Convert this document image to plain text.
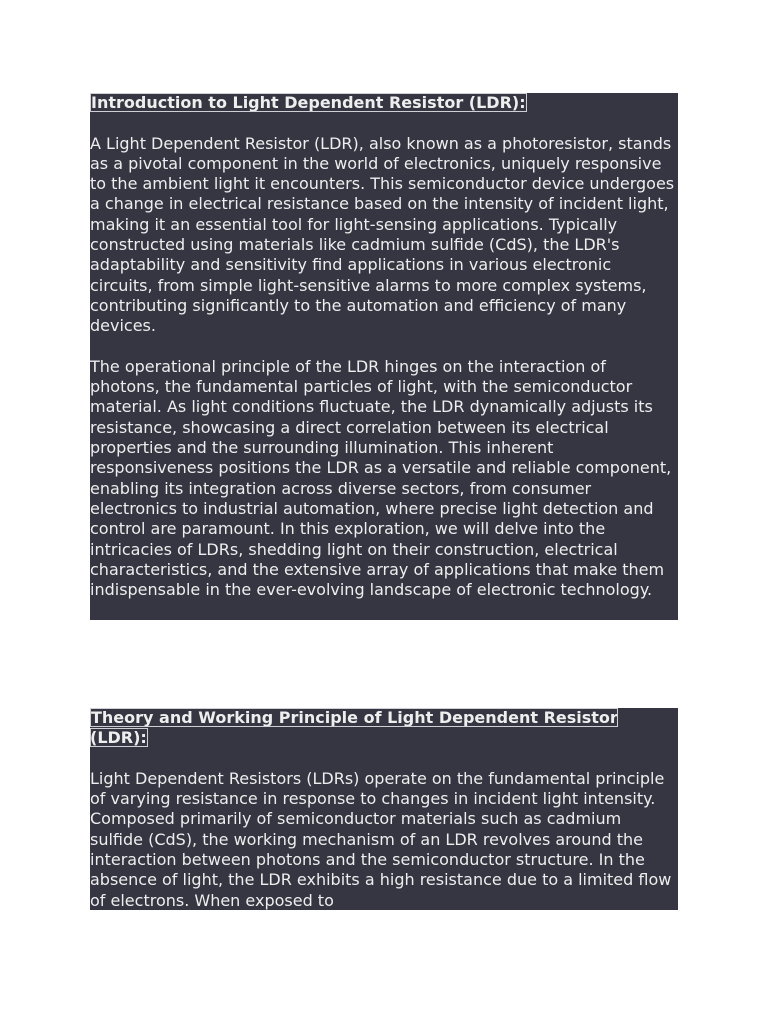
Introduction to Light Dependent Resistor (LDR):

A Light Dependent Resistor (LDR), also known as a photoresistor, stands as a pivotal component in the world of electronics, uniquely responsive to the ambient light it encounters. This semiconductor device undergoes a change in electrical resistance based on the intensity of incident light, making it an essential tool for light-sensing applications. Typically constructed using materials like cadmium sulfide (CdS), the LDR's adaptability and sensitivity find applications in various electronic circuits, from simple light-sensitive alarms to more complex systems, contributing significantly to the automation and efficiency of many devices.

The operational principle of the LDR hinges on the interaction of photons, the fundamental particles of light, with the semiconductor material. As light conditions fluctuate, the LDR dynamically adjusts its resistance, showcasing a direct correlation between its electrical properties and the surrounding illumination. This inherent responsiveness positions the LDR as a versatile and reliable component, enabling its integration across diverse sectors, from consumer electronics to industrial automation, where precise light detection and control are paramount. In this exploration, we will delve into the intricacies of LDRs, shedding light on their construction, electrical characteristics, and the extensive array of applications that make them indispensable in the ever-evolving landscape of electronic technology.

Theory and Working Principle of Light Dependent Resistor (LDR):

Light Dependent Resistors (LDRs) operate on the fundamental principle of varying resistance in response to changes in incident light intensity. Composed primarily of semiconductor materials such as cadmium sulfide (CdS), the working mechanism of an LDR revolves around the interaction between photons and the semiconductor structure. In the absence of light, the LDR exhibits a high resistance due to a limited flow of electrons. When exposed to
